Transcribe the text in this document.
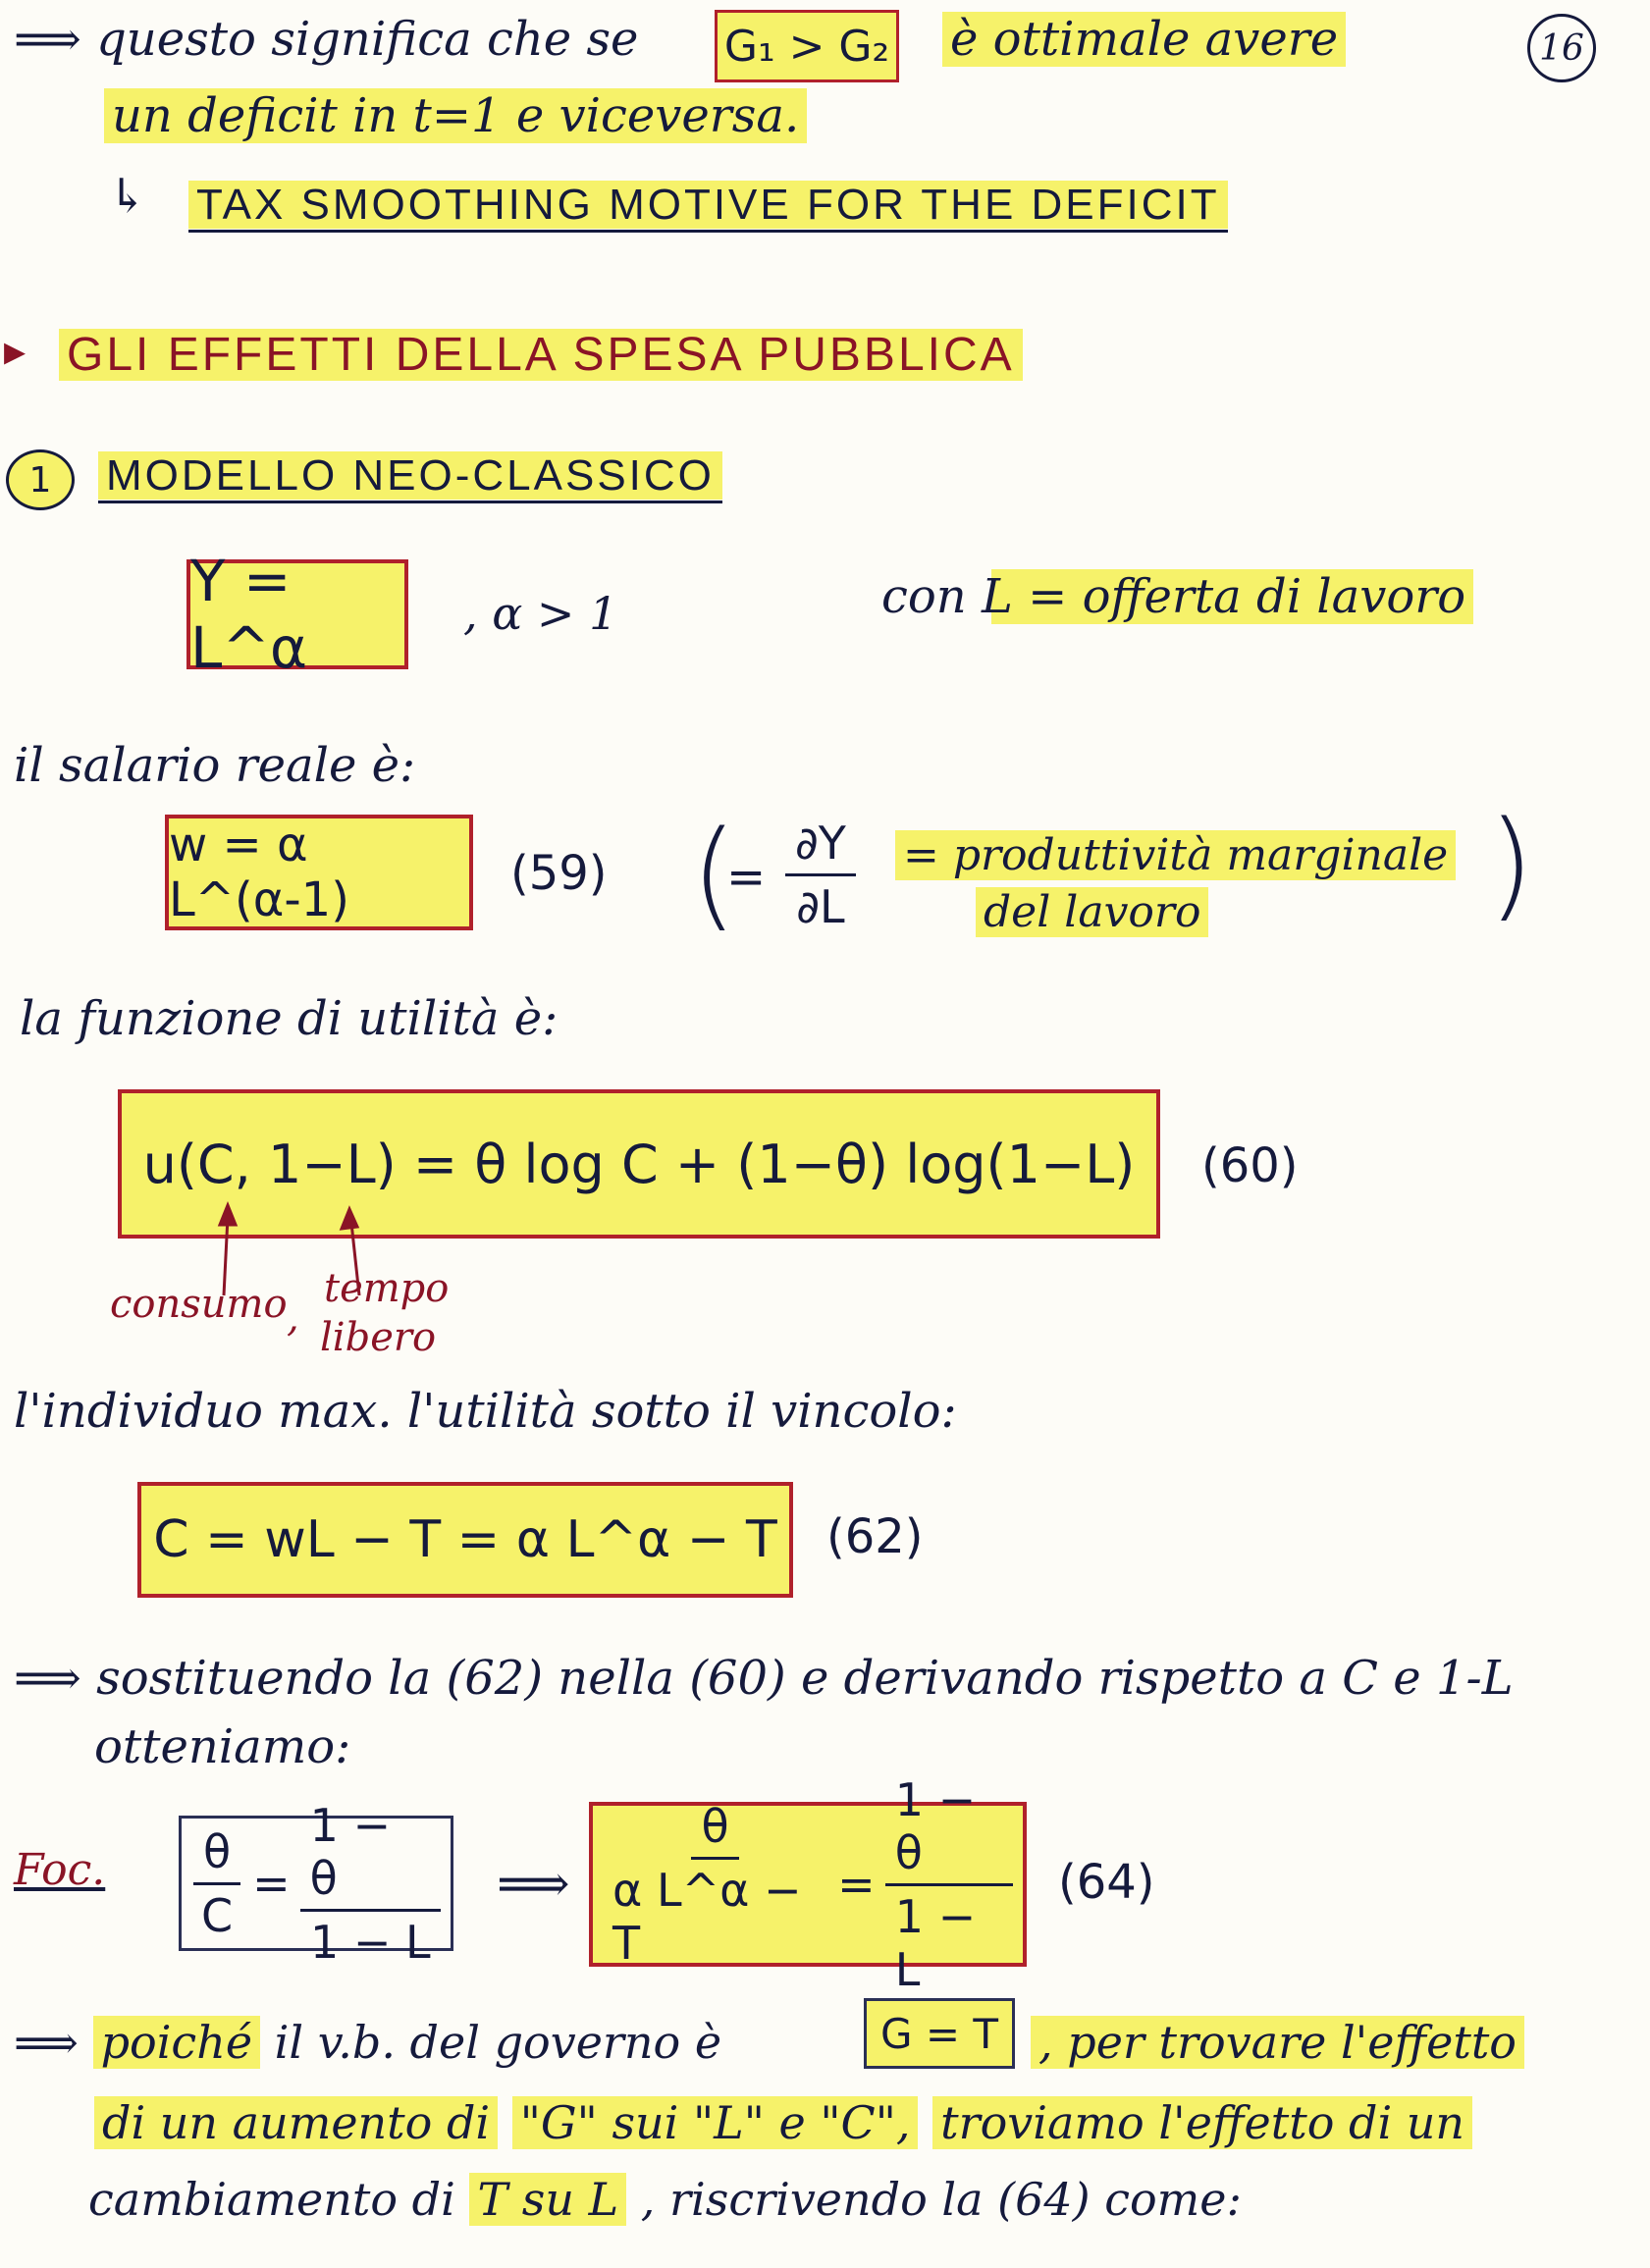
16
⟹ questo significa che se G₁ > G₂ è ottimale avere
un deficit in t=1 e viceversa.
↳ TAX SMOOTHING MOTIVE FOR THE DEFICIT
▸ GLI EFFETTI DELLA SPESA PUBBLICA
1	MODELLO NEO-CLASSICO
Y = L^α
, α > 1	con L = offerta di lavoro
il salario reale è:
w = α L^(α-1)	(59) (
= $\frac{\partial Y}{\partial L}$ = produttività marginale
del lavoro )
la funzione di utilità è:
u(C, 1−L) = θ log C + (1−θ) log(1−L)	(60)
consumo ,
tempo
libero
l'individuo max. l'utilità sotto il vincolo:
C = wL − T = α L^α − T	(62)
⟹ sostituendo la (62) nella (60) e derivando rispetto a C e 1-L
otteniamo:
Foc. $\frac{\theta}{C} = \frac{1 - \theta}{1 - L}$ ⟹ $\frac{\theta}{\text{α L\textasciicircum{}α − T}} = \frac{1 - \theta}{1 - L} (64)$
⟹ poiché il v.b. del governo è	G = T , per trovare l'effetto
di un aumento di "G" sui "L" e "C", troviamo l'effetto di un
cambiamento di T su L , riscrivendo la (64) come:
